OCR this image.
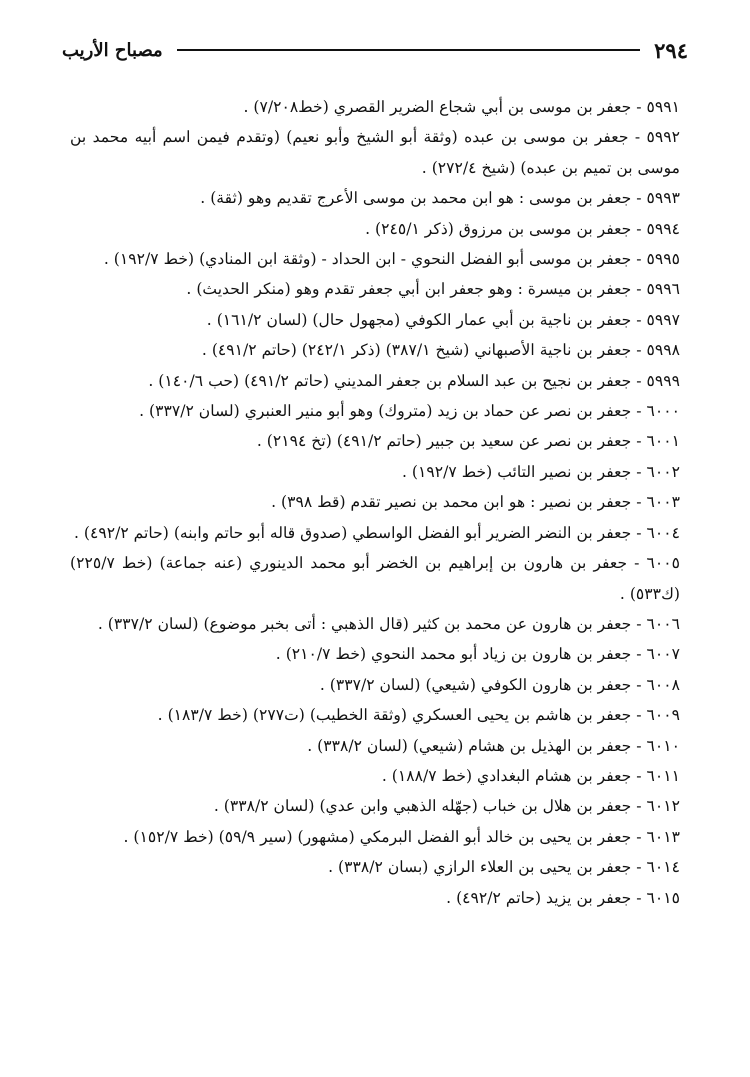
٢٩٤
مصباح الأريب

٥٩٩١ - جعفر بن موسى بن أبي شجاع الضرير القصري (خط٧/٢٠٨) .

٥٩٩٢ - جعفر بن موسى بن عبده (وثقة أبو الشيخ وأبو نعيم) (وتقدم فيمن اسم أبيه محمد بن موسى بن تميم بن عبده) (شيخ ٢٧٢/٤) .

٥٩٩٣ - جعفر بن موسى : هو ابن محمد بن موسى الأعرج تقديم وهو (ثقة) .

٥٩٩٤ - جعفر بن موسى بن مرزوق (ذكر ٢٤٥/١) .

٥٩٩٥ - جعفر بن موسى أبو الفضل النحوي - ابن الحداد - (وثقة ابن المنادي) (خط ١٩٢/٧) .

٥٩٩٦ - جعفر بن ميسرة : وهو جعفر ابن أبي جعفر تقدم وهو (منكر الحديث) .

٥٩٩٧ - جعفر بن ناجية بن أبي عمار الكوفي (مجهول حال) (لسان ١٦١/٢) .

٥٩٩٨ - جعفر بن ناجية الأصبهاني (شيخ ٣٨٧/١) (ذكر ٢٤٢/١) (حاتم ٤٩١/٢) .

٥٩٩٩ - جعفر بن نجيح بن عبد السلام بن جعفر المديني (حاتم ٤٩١/٢) (حب ١٤٠/٦) .

٦٠٠٠ - جعفر بن نصر عن حماد بن زيد (متروك) وهو أبو منير العنبري (لسان ٣٣٧/٢) .

٦٠٠١ - جعفر بن نصر عن سعيد بن جبير (حاتم ٤٩١/٢) (تخ ٢١٩٤) .

٦٠٠٢ - جعفر بن نصير التائب (خط ١٩٢/٧) .

٦٠٠٣ - جعفر بن نصير : هو ابن محمد بن نصير تقدم (قط ٣٩٨) .

٦٠٠٤ - جعفر بن النضر الضرير أبو الفضل الواسطي (صدوق قاله أبو حاتم وابنه) (حاتم ٤٩٢/٢) .

٦٠٠٥ - جعفر بن هارون بن إبراهيم بن الخضر أبو محمد الدينوري (عنه جماعة) (خط ٢٢٥/٧) (ك٥٣٣) .

٦٠٠٦ - جعفر بن هارون عن محمد بن كثير (قال الذهبي : أتى بخبر موضوع) (لسان ٣٣٧/٢) .

٦٠٠٧ - جعفر بن هارون بن زياد أبو محمد النحوي (خط ٢١٠/٧) .

٦٠٠٨ - جعفر بن هارون الكوفي (شيعي) (لسان ٣٣٧/٢) .

٦٠٠٩ - جعفر بن هاشم بن يحيى العسكري (وثقة الخطيب) (ت٢٧٧) (خط ١٨٣/٧) .

٦٠١٠ - جعفر بن الهذيل بن هشام (شيعي) (لسان ٣٣٨/٢) .

٦٠١١ - جعفر بن هشام البغدادي (خط ١٨٨/٧) .

٦٠١٢ - جعفر بن هلال بن خباب (جهّله الذهبي وابن عدي) (لسان ٣٣٨/٢) .

٦٠١٣ - جعفر بن يحيى بن خالد أبو الفضل البرمكي (مشهور) (سير ٥٩/٩) (خط ١٥٢/٧) .

٦٠١٤ - جعفر بن يحيى بن العلاء الرازي (بسان ٣٣٨/٢) .

٦٠١٥ - جعفر بن يزيد (حاتم ٤٩٢/٢) .
